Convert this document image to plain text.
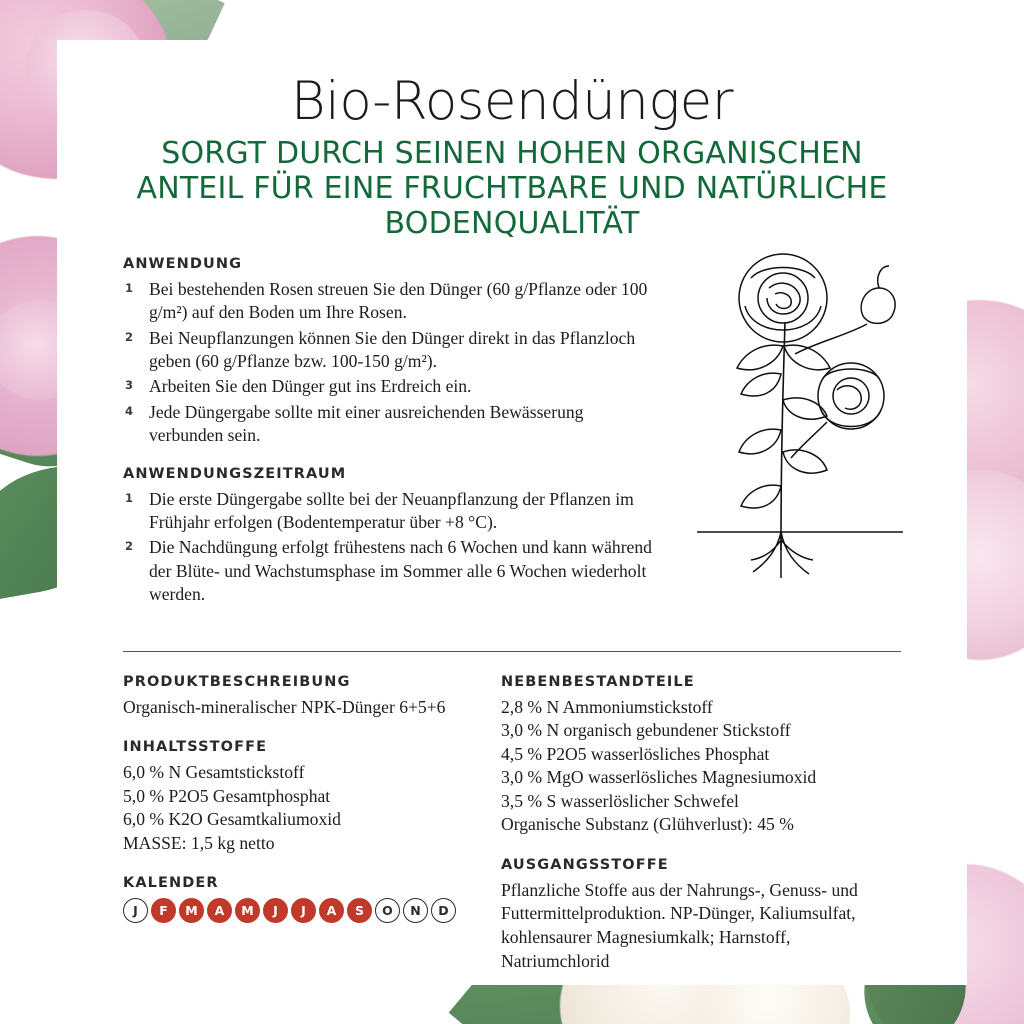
Bio-Rosendünger
SORGT DURCH SEINEN HOHEN ORGANISCHEN ANTEIL FÜR EINE FRUCHTBARE UND NATÜRLICHE BODENQUALITÄT
ANWENDUNG
1 Bei bestehenden Rosen streuen Sie den Dünger (60 g/Pflanze oder 100 g/m²) auf den Boden um Ihre Rosen.
2 Bei Neupflanzungen können Sie den Dünger direkt in das Pflanzloch geben (60 g/Pflanze bzw. 100-150 g/m²).
3 Arbeiten Sie den Dünger gut ins Erdreich ein.
4 Jede Düngergabe sollte mit einer ausreichenden Bewässerung verbunden sein.
ANWENDUNGSZEITRAUM
1 Die erste Düngergabe sollte bei der Neuanpflanzung der Pflanzen im Frühjahr erfolgen (Bodentemperatur über +8 °C).
2 Die Nachdüngung erfolgt frühestens nach 6 Wochen und kann während der Blüte- und Wachstumsphase im Sommer alle 6 Wochen wiederholt werden.
PRODUKTBESCHREIBUNG

Organisch-mineralischer NPK-Dünger 6+5+6

INHALTSSTOFFE

6,0 % N Gesamtstickstoff
5,0 % P2O5 Gesamtphosphat
6,0 % K2O Gesamtkaliumoxid
MASSE: 1,5 kg netto

KALENDER
J	F	M	A	M	J	J	A	S	O	N	D
NEBENBESTANDTEILE

2,8 % N Ammoniumstickstoff
3,0 % N organisch gebundener Stickstoff
4,5 % P2O5 wasserlösliches Phosphat
3,0 % MgO wasserlösliches Magnesiumoxid
3,5 % S wasserlöslicher Schwefel
Organische Substanz (Glühverlust): 45 %

AUSGANGSSTOFFE

Pflanzliche Stoffe aus der Nahrungs-, Genuss- und Futtermittelproduktion. NP-Dünger, Kaliumsulfat, kohlensaurer Magnesiumkalk; Harnstoff, Natriumchlorid
